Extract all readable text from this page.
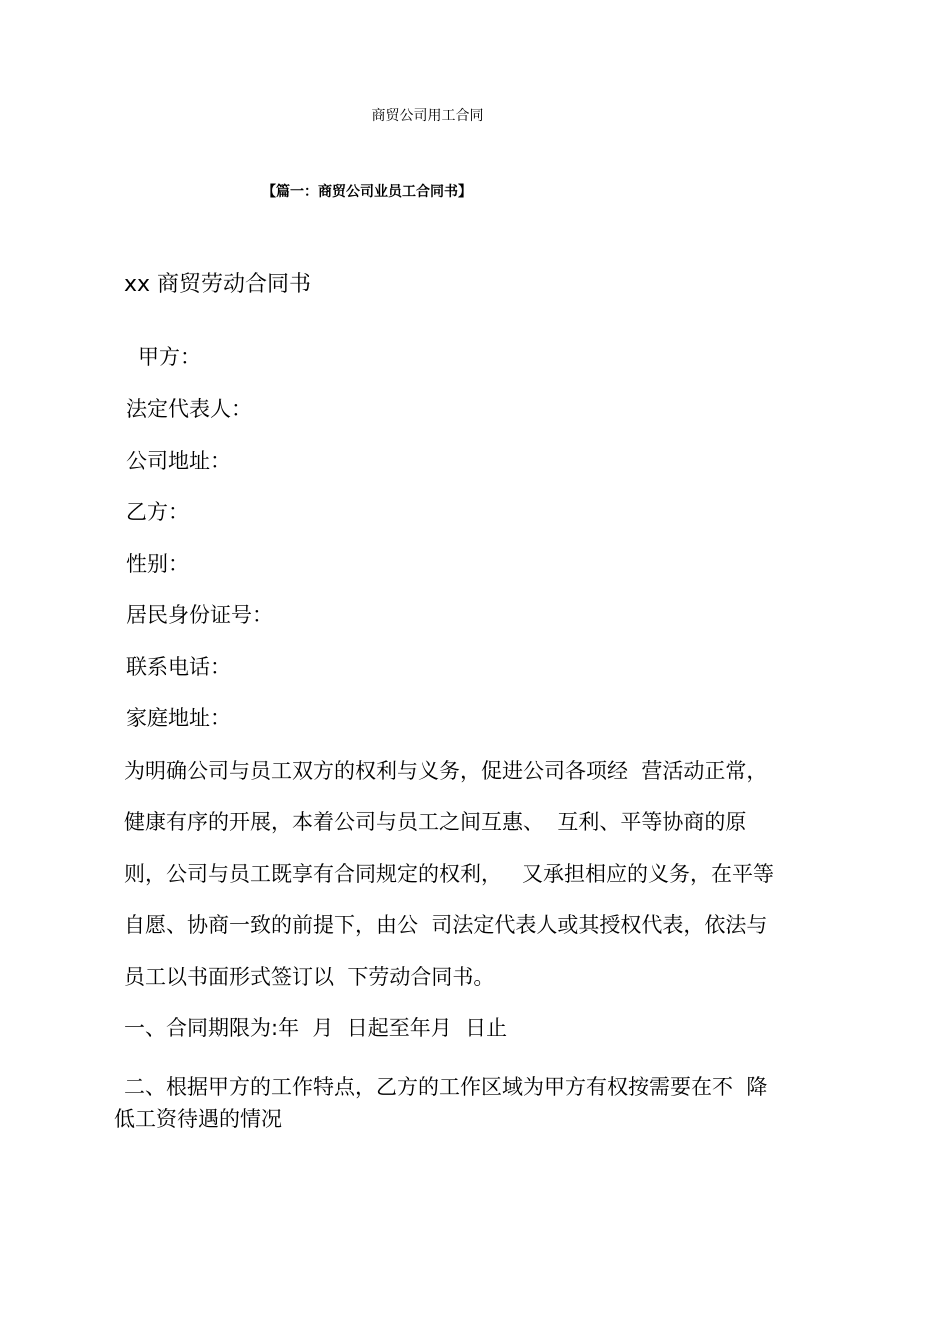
商贸公司用工合同
【篇一：商贸公司业员工合同书】
xx 商贸劳动合同书
甲方：
法定代表人：
公司地址：
乙方：
性别：
居民身份证号：
联系电话：
家庭地址：
为明确公司与员工双方的权利与义务，促进公司各项经  营活动正常，
健康有序的开展，本着公司与员工之间互惠、  互利、平等协商的原
则，公司与员工既享有合同规定的权利，   又承担相应的义务，在平等
自愿、协商一致的前提下，由公  司法定代表人或其授权代表，依法与
员工以书面形式签订以  下劳动合同书。
一、合同期限为:年  月  日起至年月  日止
二、根据甲方的工作特点，乙方的工作区域为甲方有权按需要在不  降
低工资待遇的情况
